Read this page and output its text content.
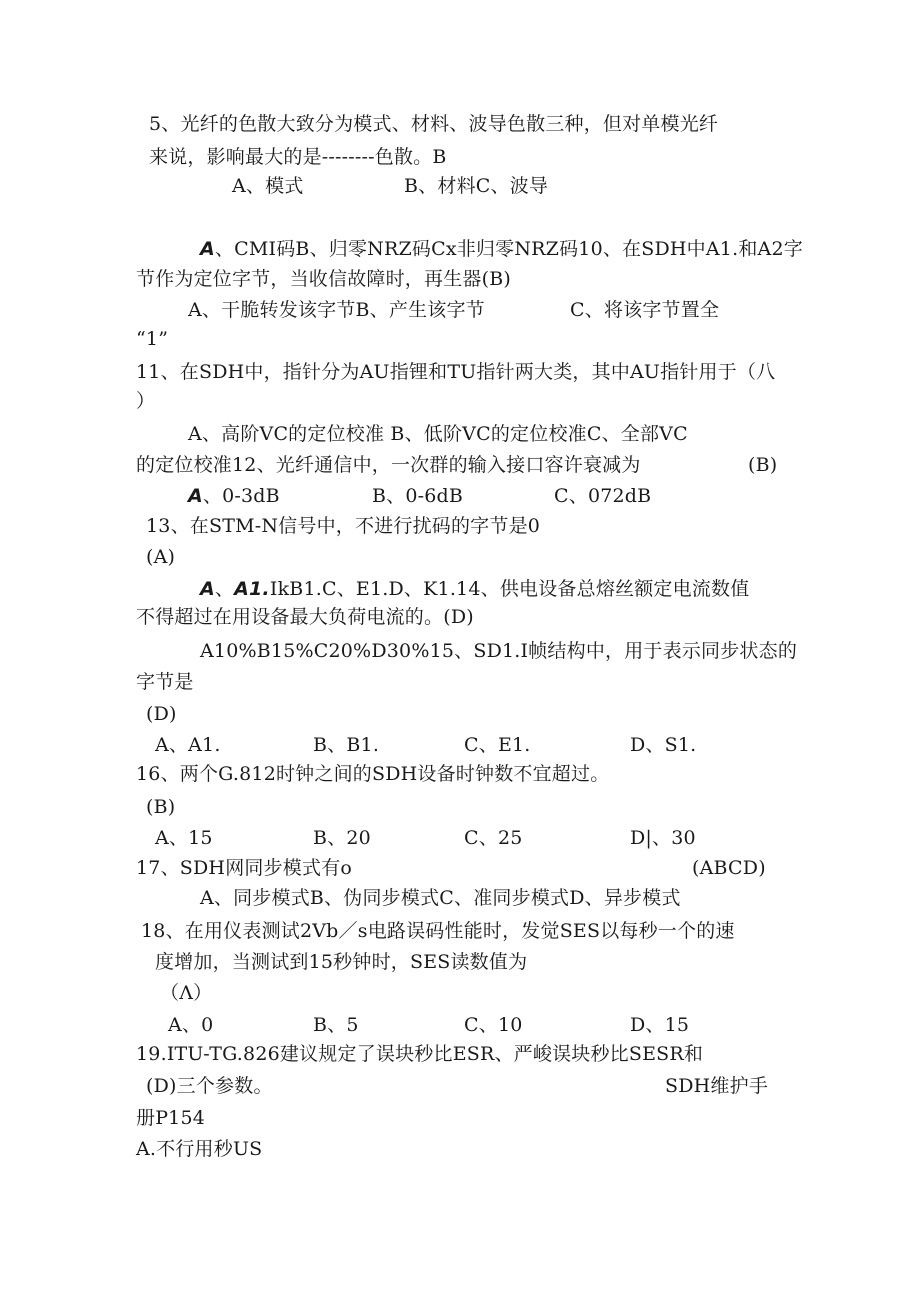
5、光纤的色散大致分为模式、材料、波导色散三种，但对单模光纤
来说，影响最大的是--------色散。B
A、模式	B、材料C、波导
A、CMI码B、归零NRZ码Cx非归零NRZ码10、在SDH中A1.和A2字
节作为定位字节，当收信故障时，再生器(B)
A、干脆转发该字节B、产生该字节	C、将该字节置全
“1”
11、在SDH中，指针分为AU指锂和TU指针两大类，其中AU指针用于（八
）
A、高阶VC的定位校准 B、低阶VC的定位校准C、全部VC
的定位校准12、光纤通信中，一次群的输入接口容许衰减为	(B)
A、0-3dB	B、0-6dB	C、072dB
13、在STM-N信号中，不进行扰码的字节是0
(A)
A、A1.IkB1.C、E1.D、K1.14、供电设备总熔丝额定电流数值
不得超过在用设备最大负荷电流的。(D)
A10%B15%C20%D30%15、SD1.I帧结构中，用于表示同步状态的
字节是
(D)
A、A1.	B、B1.	C、E1.	D、S1.
16、两个G.812时钟之间的SDH设备时钟数不宜超过。
(B)
A、15	B、20	C、25	D|、30
17、SDH网同步模式有o	(ABCD)
A、同步模式B、伪同步模式C、准同步模式D、异步模式
18、在用仪表测试2Vb／s电路误码性能时，发觉SES以每秒一个的速
度增加，当测试到15秒钟时，SES读数值为
（Λ）
A、0	B、5	C、10	D、15
19.ITU-TG.826建议规定了误块秒比ESR、严峻误块秒比SESR和
(D)三个参数。	SDH维护手
册P154
A.不行用秒US
